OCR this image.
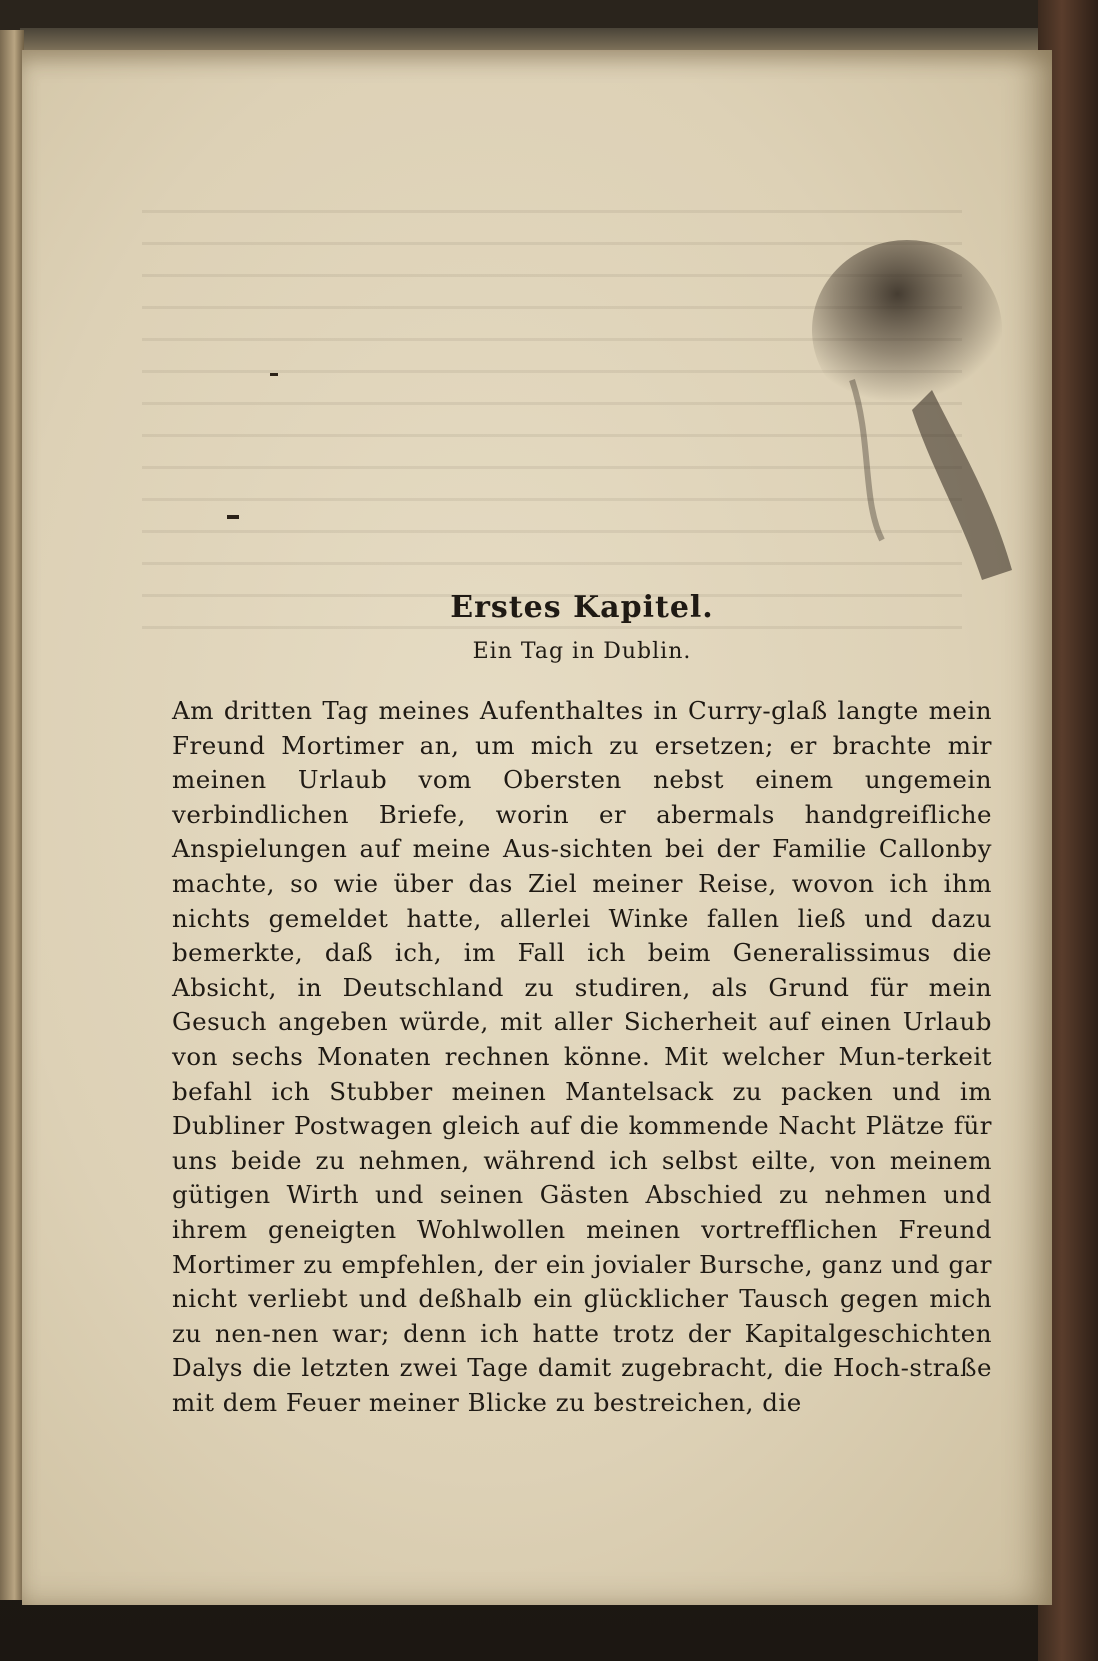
Erstes Kapitel.
Ein Tag in Dublin.

Am dritten Tag meines Aufenthaltes in Curry-glaß langte mein Freund Mortimer an, um mich zu ersetzen; er brachte mir meinen Urlaub vom Obersten nebst einem ungemein verbindlichen Briefe, worin er abermals handgreifliche Anspielungen auf meine Aus-sichten bei der Familie Callonby machte, so wie über das Ziel meiner Reise, wovon ich ihm nichts gemeldet hatte, allerlei Winke fallen ließ und dazu bemerkte, daß ich, im Fall ich beim Generalissimus die Absicht, in Deutschland zu studiren, als Grund für mein Gesuch angeben würde, mit aller Sicherheit auf einen Urlaub von sechs Monaten rechnen könne. Mit welcher Mun-terkeit befahl ich Stubber meinen Mantelsack zu packen und im Dubliner Postwagen gleich auf die kommende Nacht Plätze für uns beide zu nehmen, während ich selbst eilte, von meinem gütigen Wirth und seinen Gästen Abschied zu nehmen und ihrem geneigten Wohlwollen meinen vortrefflichen Freund Mortimer zu empfehlen, der ein jovialer Bursche, ganz und gar nicht verliebt und deßhalb ein glücklicher Tausch gegen mich zu nen-nen war; denn ich hatte trotz der Kapitalgeschichten Dalys die letzten zwei Tage damit zugebracht, die Hoch-straße mit dem Feuer meiner Blicke zu bestreichen, die
